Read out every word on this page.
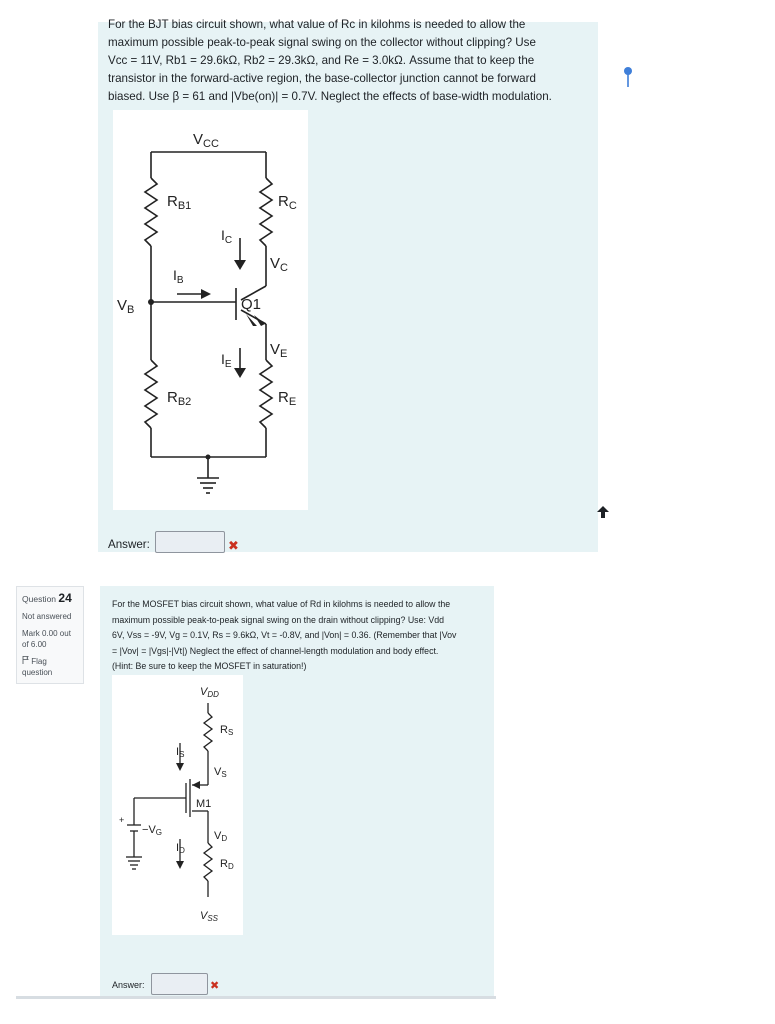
For the BJT bias circuit shown, what value of Rc in kilohms is needed to allow the
maximum possible peak-to-peak signal swing on the collector without clipping? Use
Vcc = 11V, Rb1 = 29.6kΩ, Rb2 = 29.3kΩ, and Re = 3.0kΩ. Assume that to keep the
transistor in the forward-active region, the base-collector junction cannot be forward
biased. Use β = 61 and |Vbe(on)| = 0.7V. Neglect the effects of base-width modulation.
$V_{CC}$
$R_{B1}$	$R_C$
$I_C$
$V_C$
$I_B$
$V_B$	Q1
$I_E$
$V_E$
$R_{B2}$	$R_E$
Answer:	✖
Question 24
Not answered
Mark 0.00 out
of 6.00
Flag
question
For the MOSFET bias circuit shown, what value of Rd in kilohms is needed to allow the
maximum possible peak-to-peak signal swing on the drain without clipping? Use: Vdd
6V, Vss = -9V, Vg = 0.1V, Rs = 9.6kΩ, Vt = -0.8V, and |Von| = 0.36. (Remember that |Vov
= |Vov| = |Vgs|-|Vt|) Neglect the effect of channel-length modulation and body effect.
(Hint: Be sure to keep the MOSFET in saturation!)
VDD
RS
IS
VS
M1
+
−VG
ID
VD
RD
VSS
Answer:	✖
